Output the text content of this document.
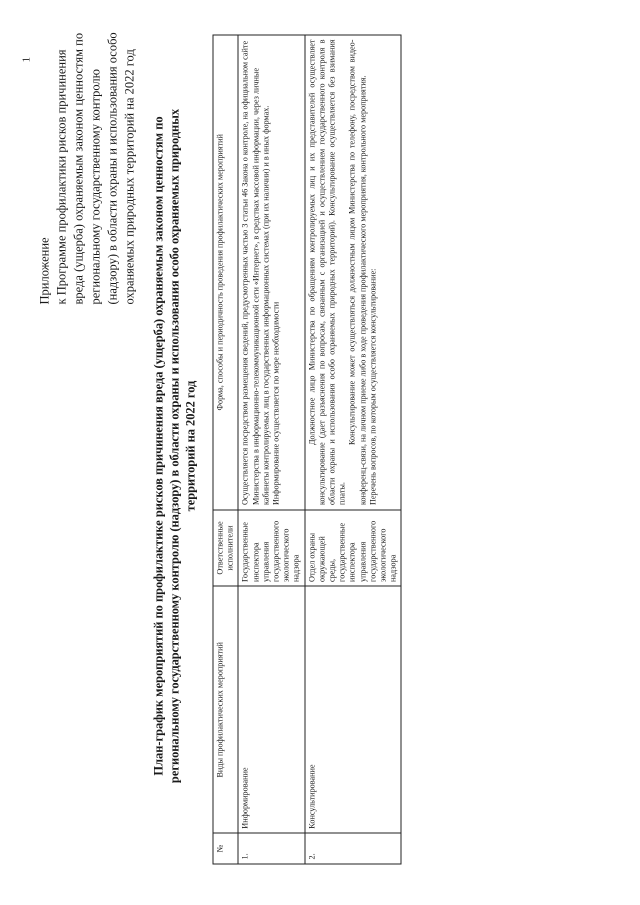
1
Приложение к Программе профилактики рисков причинения вреда (ущерба) охраняемым законом ценностям по региональному государственному контролю (надзору) в области охраны и использования особо охраняемых природных территорий на 2022 год План-график мероприятий по профилактике рисков причинения вреда (ущерба) охраняемым законом ценностям по региональному государственному контролю (надзору) в области охраны и использования особо охраняемых природных территорий на 2022 год
№	Виды профилактических мероприятий	Ответственные исполнители	Форма, способы и периодичность проведения профилактических мероприятий
1.	Информирование	Государственные инспектора управления государственного экологического надзора	Осуществляется посредством размещения сведений, предусмотренных частью 3 статьи 46 Закона о контроле, на официальном сайте Министерства в информационно-телекоммуникационной сети «Интернет», в средствах массовой информации, через личные кабинеты контролируемых лиц в государственных информационных системах (при их наличии) и в иных формах. Информирование осуществляется по мере необходимости

2.	Консультирование	Отдел охраны окружающей среды, государственные инспектора управления государственного экологического надзора	Должностное лицо Министерства по обращениям контролируемых лиц и их представителей осуществляет консультирование (дает разъяснения по вопросам, связанным с организацией и осуществлением государственного контроля в области охраны и использования особо охраняемых природных территорий). Консультирование осуществляется без взимания платы.
Консультирование может осуществляться должностным лицом Министерства по телефону, посредством видео-конференц-связи, на личном приеме либо в ходе проведения профилактического мероприятия, контрольного мероприятия. Перечень вопросов, по которым осуществляется консультирование:
